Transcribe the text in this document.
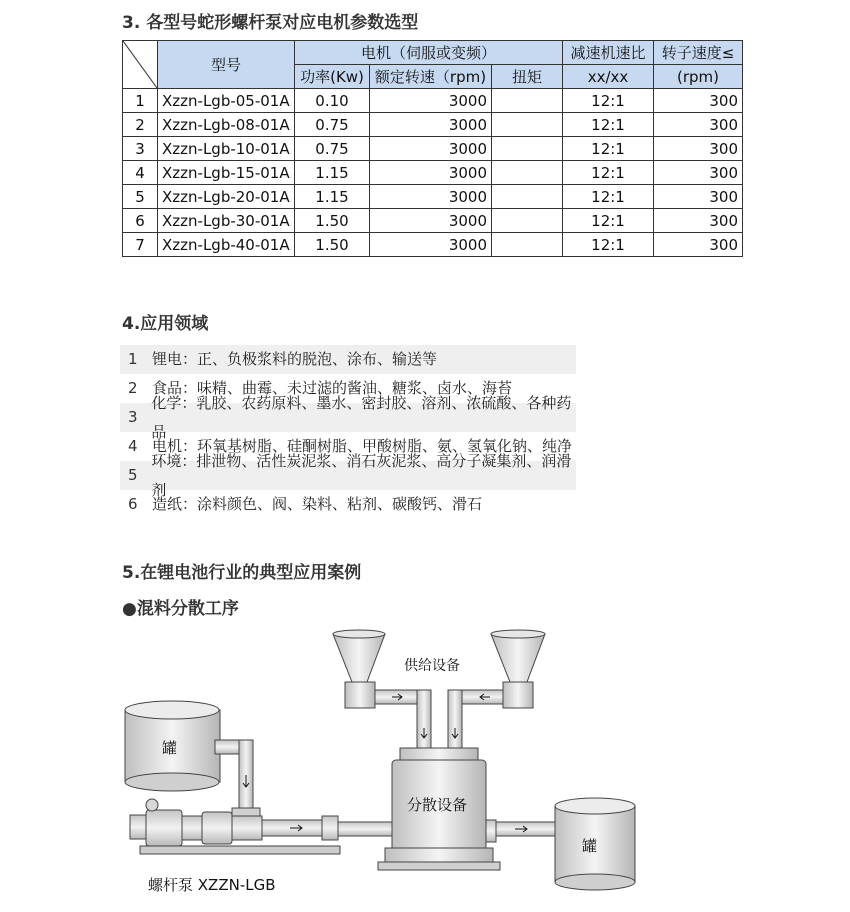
3. 各型号蛇形螺杆泵对应电机参数选型
	型号	电机（伺服或变频）			减速机速比	转子速度≤
		功率(Kw)	额定转速（rpm)	扭矩	xx/xx	(rpm)
1	Xzzn-Lgb-05-01A	0.10	3000		12:1	300
2	Xzzn-Lgb-08-01A	0.75	3000		12:1	300
3	Xzzn-Lgb-10-01A	0.75	3000		12:1	300
4	Xzzn-Lgb-15-01A	1.15	3000		12:1	300
5	Xzzn-Lgb-20-01A	1.15	3000		12:1	300
6	Xzzn-Lgb-30-01A	1.50	3000		12:1	300
7	Xzzn-Lgb-40-01A	1.50	3000		12:1	300
4.应用领域
1 锂电：正、负极浆料的脱泡、涂布、输送等
2 食品：味精、曲霉、未过滤的酱油、糖浆、卤水、海苔
3
化学：乳胶、农药原料、墨水、密封胶、溶剂、浓硫酸、各种药品
4 电机：环氧基树脂、硅酮树脂、甲酸树脂、氨、氢氧化钠、纯净
5
环境：排泄物、活性炭泥浆、消石灰泥浆、高分子凝集剂、润滑剂
6 造纸：涂料颜色、阀、染料、粘剂、碳酸钙、滑石
5.在锂电池行业的典型应用案例
●混料分散工序
供给设备
分散设备
罐
罐
螺杆泵 XZZN-LGB
